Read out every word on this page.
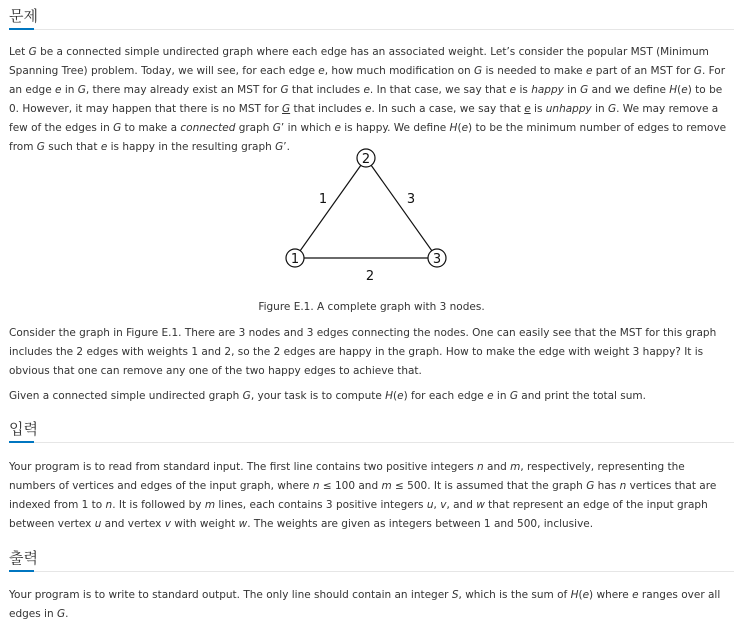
문제

Let G be a connected simple undirected graph where each edge has an associated weight. Let’s consider the popular MST (Minimum Spanning Tree) problem. Today, we will see, for each edge e, how much modification on G is needed to make e part of an MST for G. For an edge e in G, there may already exist an MST for G that includes e. In that case, we say that e is happy in G and we define H(e) to be 0. However, it may happen that there is no MST for G that includes e. In such a case, we say that e is unhappy in G. We may remove a few of the edges in G to make a connected graph G’ in which e is happy. We define H(e) to be the minimum number of edges to remove from G such that e is happy in the resulting graph G’.

2
1	3
1	3
2
Figure E.1. A complete graph with 3 nodes.

Consider the graph in Figure E.1. There are 3 nodes and 3 edges connecting the nodes. One can easily see that the MST for this graph includes the 2 edges with weights 1 and 2, so the 2 edges are happy in the graph. How to make the edge with weight 3 happy? It is obvious that one can remove any one of the two happy edges to achieve that.

Given a connected simple undirected graph G, your task is to compute H(e) for each edge e in G and print the total sum.

입력

Your program is to read from standard input. The first line contains two positive integers n and m, respectively, representing the numbers of vertices and edges of the input graph, where n ≤ 100 and m ≤ 500. It is assumed that the graph G has n vertices that are indexed from 1 to n. It is followed by m lines, each contains 3 positive integers u, v, and w that represent an edge of the input graph between vertex u and vertex v with weight w. The weights are given as integers between 1 and 500, inclusive.

출력

Your program is to write to standard output. The only line should contain an integer S, which is the sum of H(e) where e ranges over all edges in G.
